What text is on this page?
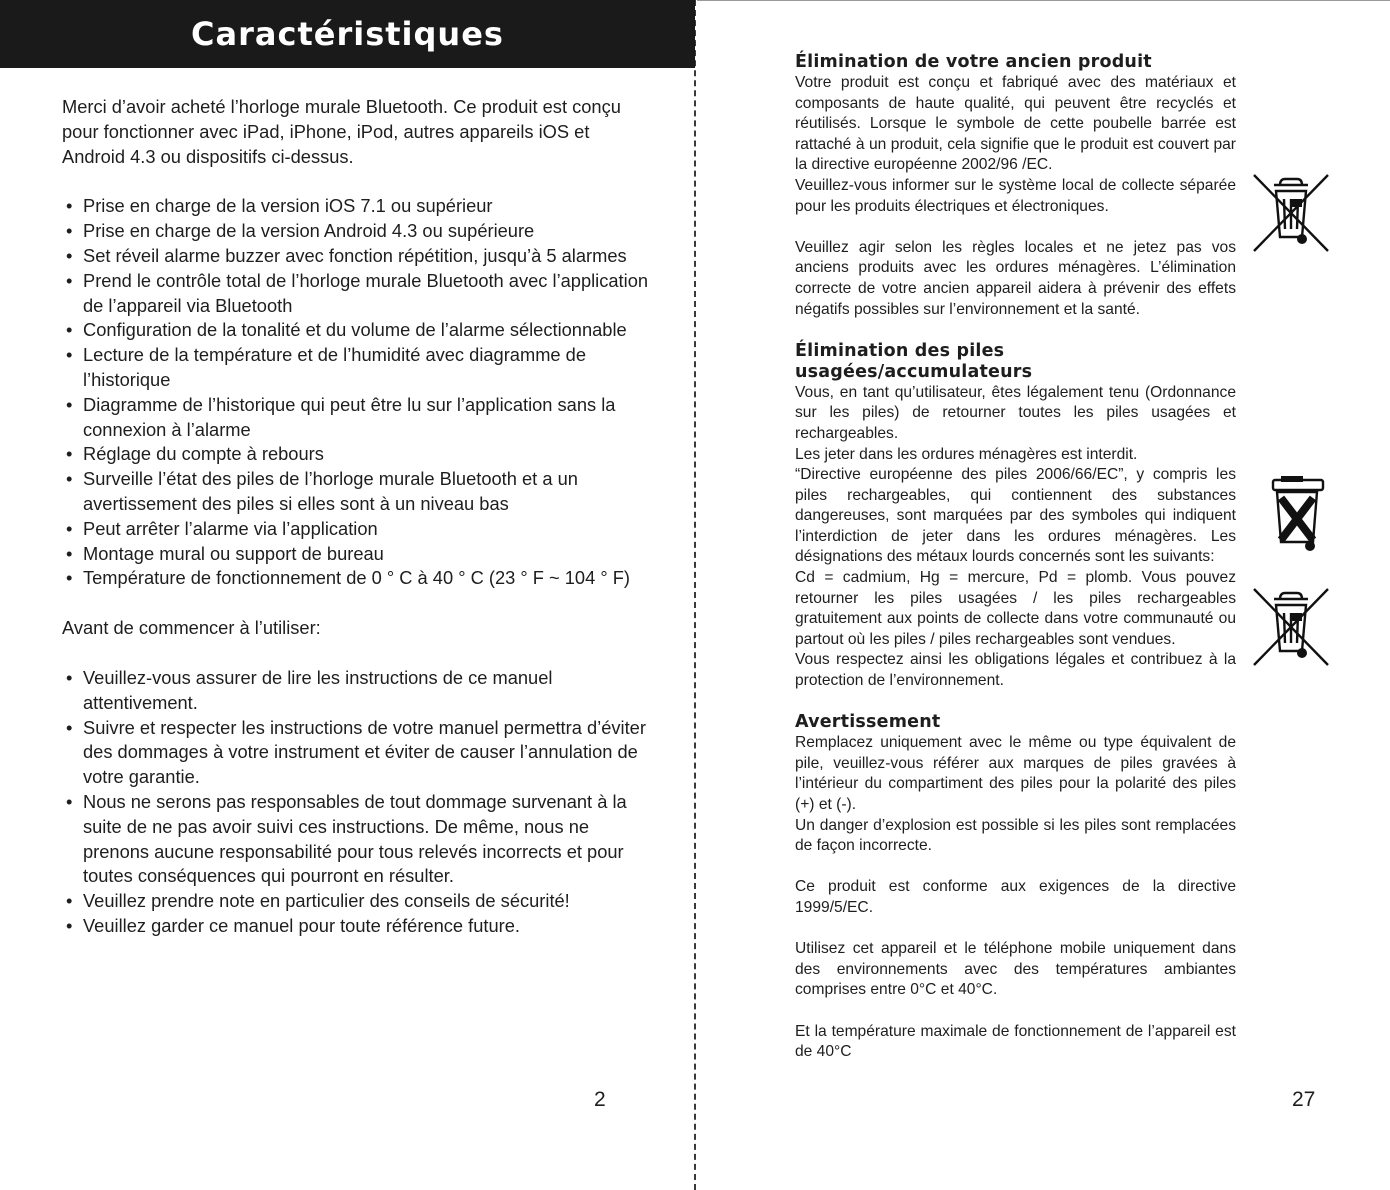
Caractéristiques

Merci d’avoir acheté l’horloge murale Bluetooth. Ce produit est conçu pour fonctionner avec iPad, iPhone, iPod, autres appareils iOS et Android 4.3 ou dispositifs ci-dessus.

• Prise en charge de la version iOS 7.1 ou supérieur
• Prise en charge de la version Android 4.3 ou supérieure
• Set réveil alarme buzzer avec fonction répétition, jusqu’à 5 alarmes
• Prend le contrôle total de l’horloge murale Bluetooth avec l’application de l’appareil via Bluetooth
• Configuration de la tonalité et du volume de l’alarme sélectionnable
• Lecture de la température et de l’humidité avec diagramme de l’historique
• Diagramme de l’historique qui peut être lu sur l’application sans la connexion à l’alarme
• Réglage du compte à rebours
• Surveille l’état des piles de l’horloge murale Bluetooth et a un avertissement des piles si elles sont à un niveau bas
• Peut arrêter l’alarme via l’application
• Montage mural ou support de bureau
• Température de fonctionnement de 0 ° C à 40 ° C (23 ° F ~ 104 ° F)

Avant de commencer à l’utiliser:

• Veuillez-vous assurer de lire les instructions de ce manuel attentivement.
• Suivre et respecter les instructions de votre manuel permettra d’éviter des dommages à votre instrument et éviter de causer l’annulation de votre garantie.
• Nous ne serons pas responsables de tout dommage survenant à la suite de ne pas avoir suivi ces instructions. De même, nous ne prenons aucune responsabilité pour tous relevés incorrects et pour toutes conséquences qui pourront en résulter.
• Veuillez prendre note en particulier des conseils de sécurité!
• Veuillez garder ce manuel pour toute référence future.
2
Élimination de votre ancien produit

Votre produit est conçu et fabriqué avec des matériaux et composants de haute qualité, qui peuvent être recyclés et réutilisés. Lorsque le symbole de cette poubelle barrée est rattaché à un produit, cela signifie que le produit est couvert par la directive européenne 2002/96 /EC.

Veuillez-vous informer sur le système local de collecte séparée pour les produits électriques et électroniques.

Veuillez agir selon les règles locales et ne jetez pas vos anciens produits avec les ordures ménagères. L’élimination correcte de votre ancien appareil aidera à prévenir des effets négatifs possibles sur l’environnement et la santé.

Élimination des piles usagées/accumulateurs

Vous, en tant qu’utilisateur, êtes légalement tenu (Ordonnance sur les piles) de retourner toutes les piles usagées et rechargeables.

Les jeter dans les ordures ménagères est interdit.

“Directive européenne des piles 2006/66/EC”, y compris les piles rechargeables, qui contiennent des substances dangereuses, sont marquées par des symboles qui indiquent l’interdiction de jeter dans les ordures ménagères. Les désignations des métaux lourds concernés sont les suivants:

Cd = cadmium, Hg = mercure, Pd = plomb. Vous pouvez retourner les piles usagées / les piles rechargeables gratuitement aux points de collecte dans votre communauté ou partout où les piles / piles rechargeables sont vendues.

Vous respectez ainsi les obligations légales et contribuez à la protection de l’environnement.

Avertissement

Remplacez uniquement avec le même ou type équivalent de pile, veuillez-vous référer aux marques de piles gravées à l’intérieur du compartiment des piles pour la polarité des piles (+) et (-).

Un danger d’explosion est possible si les piles sont remplacées de façon incorrecte.

Ce produit est conforme aux exigences de la directive 1999/5/EC.

Utilisez cet appareil et le téléphone mobile uniquement dans des environnements avec des températures ambiantes comprises entre 0°C et 40°C.

Et la température maximale de fonctionnement de l’appareil est de 40°C

27
